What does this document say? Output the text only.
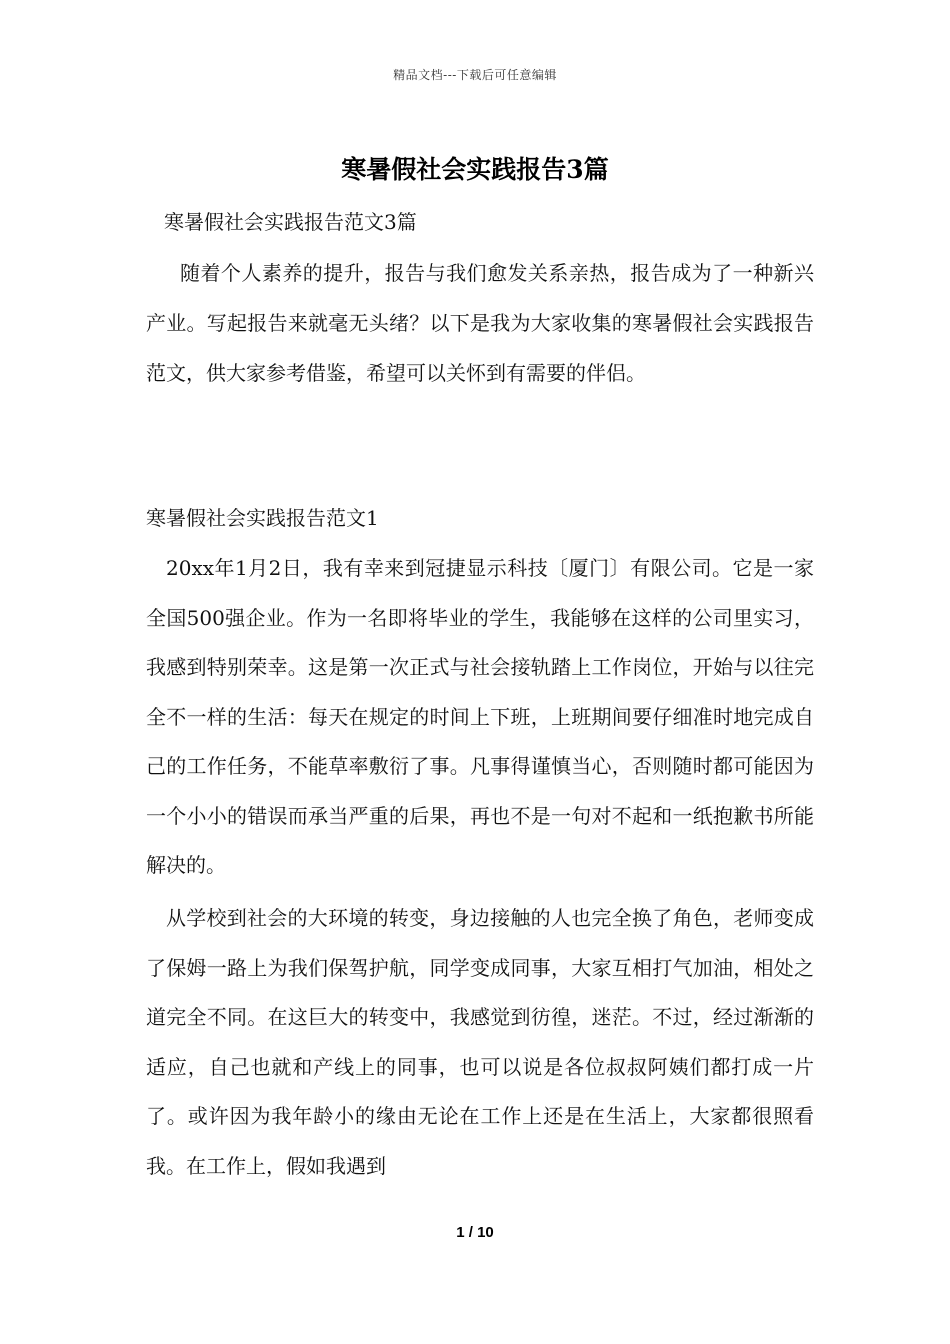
精品文档---下载后可任意编辑
寒暑假社会实践报告3篇

寒暑假社会实践报告范文3篇

随着个人素养的提升，报告与我们愈发关系亲热，报告成为了一种新兴产业。写起报告来就毫无头绪？以下是我为大家收集的寒暑假社会实践报告范文，供大家参考借鉴，希望可以关怀到有需要的伴侣。

寒暑假社会实践报告范文1

20xx年1月2日，我有幸来到冠捷显示科技〔厦门〕有限公司。它是一家全国500强企业。作为一名即将毕业的学生，我能够在这样的公司里实习，我感到特别荣幸。这是第一次正式与社会接轨踏上工作岗位，开始与以往完全不一样的生活：每天在规定的时间上下班，上班期间要仔细准时地完成自己的工作任务，不能草率敷衍了事。凡事得谨慎当心，否则随时都可能因为一个小小的错误而承当严重的后果，再也不是一句对不起和一纸抱歉书所能解决的。

从学校到社会的大环境的转变，身边接触的人也完全换了角色，老师变成了保姆一路上为我们保驾护航，同学变成同事，大家互相打气加油，相处之道完全不同。在这巨大的转变中，我感觉到彷徨，迷茫。不过，经过渐渐的适应，自己也就和产线上的同事，也可以说是各位叔叔阿姨们都打成一片了。或许因为我年龄小的缘由无论在工作上还是在生活上，大家都很照看我。在工作上，假如我遇到

1 / 10
